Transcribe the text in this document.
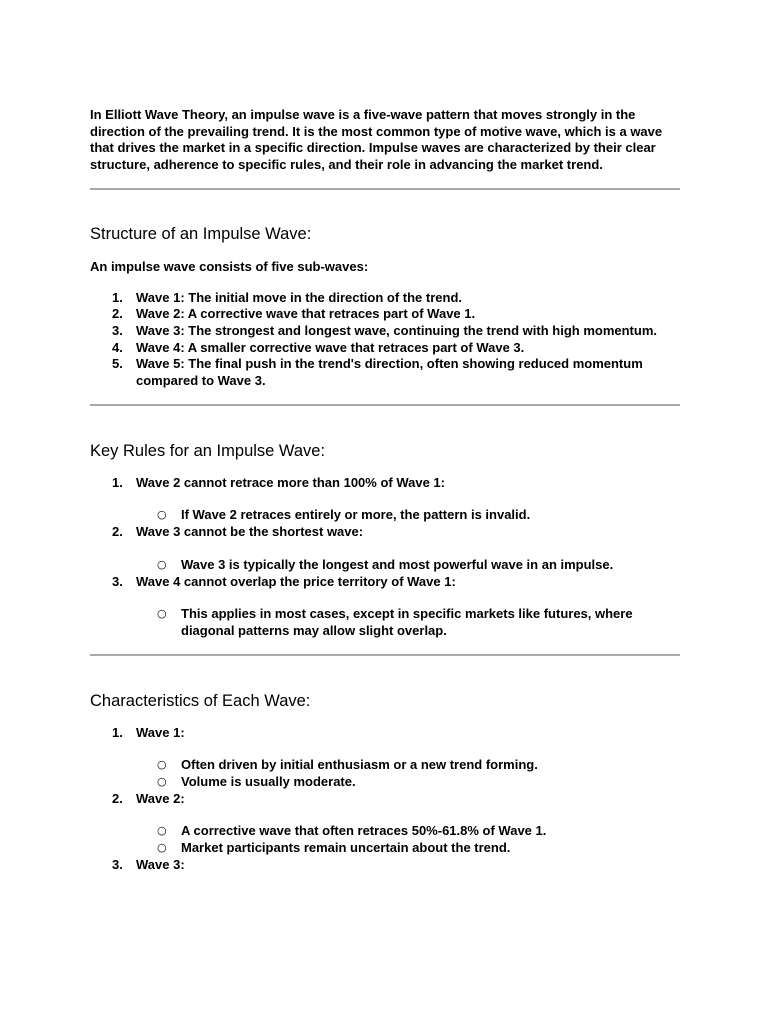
In Elliott Wave Theory, an impulse wave is a five-wave pattern that moves strongly in the direction of the prevailing trend. It is the most common type of motive wave, which is a wave that drives the market in a specific direction. Impulse waves are characterized by their clear structure, adherence to specific rules, and their role in advancing the market trend.

Structure of an Impulse Wave:

An impulse wave consists of five sub-waves:

1. Wave 1: The initial move in the direction of the trend.
2. Wave 2: A corrective wave that retraces part of Wave 1.
3. Wave 3: The strongest and longest wave, continuing the trend with high momentum.
4. Wave 4: A smaller corrective wave that retraces part of Wave 3.
5. Wave 5: The final push in the trend's direction, often showing reduced momentum compared to Wave 3.
Key Rules for an Impulse Wave:
1. Wave 2 cannot retrace more than 100% of Wave 1:
○ If Wave 2 retraces entirely or more, the pattern is invalid.
2. Wave 3 cannot be the shortest wave:
○ Wave 3 is typically the longest and most powerful wave in an impulse.
3. Wave 4 cannot overlap the price territory of Wave 1:
○ This applies in most cases, except in specific markets like futures, where diagonal patterns may allow slight overlap.
Characteristics of Each Wave:
1. Wave 1:
○ Often driven by initial enthusiasm or a new trend forming.
○ Volume is usually moderate.
2. Wave 2:
○ A corrective wave that often retraces 50%-61.8% of Wave 1.
○ Market participants remain uncertain about the trend.
3. Wave 3:
